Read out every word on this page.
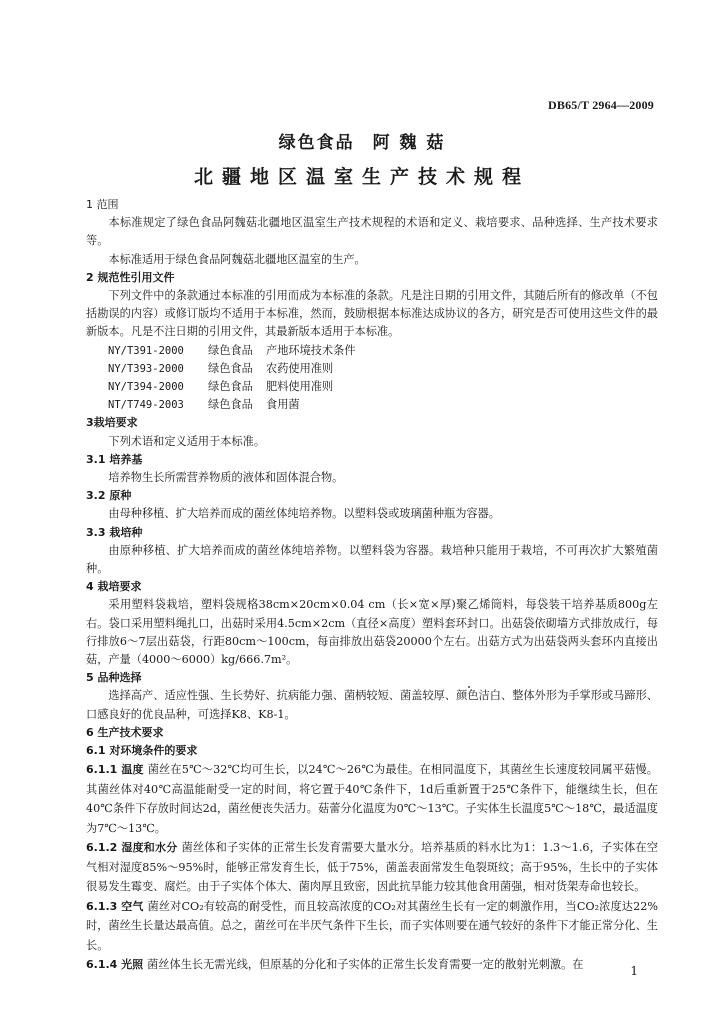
DB65/T 2964—2009
绿色食品 阿 魏 菇
北疆地区温室生产技术规程
1 范围
本标准规定了绿色食品阿魏菇北疆地区温室生产技术规程的术语和定义、栽培要求、品种选择、生产技术要求等。
本标准适用于绿色食品阿魏菇北疆地区温室的生产。
2 规范性引用文件
下列文件中的条款通过本标准的引用而成为本标准的条款。凡是注日期的引用文件，其随后所有的修改单（不包括勘误的内容）或修订版均不适用于本标准，然而，鼓励根据本标准达成协议的各方，研究是否可使用这些文件的最新版本。凡是不注日期的引用文件，其最新版本适用于本标准。
NY/T391-2000	绿色食品	产地环境技术条件
NY/T393-2000	绿色食品	农药使用准则
NY/T394-2000	绿色食品	肥料使用准则
NT/T749-2003	绿色食品	食用菌
3栽培要求
下列术语和定义适用于本标准。
3.1 培养基
培养物生长所需营养物质的液体和固体混合物。
3.2 原种
由母种移植、扩大培养而成的菌丝体纯培养物。以塑料袋或玻璃菌种瓶为容器。
3.3 栽培种
由原种移植、扩大培养而成的菌丝体纯培养物。以塑料袋为容器。栽培种只能用于栽培，不可再次扩大繁殖菌种。
4 栽培要求
采用塑料袋栽培，塑料袋规格38cm×20cm×0.04 cm（长×宽×厚)聚乙烯筒料，每袋装干培养基质800g左右。袋口采用塑料绳扎口，出菇时采用4.5cm×2cm（直径×高度）塑料套环封口。出菇袋依砌墙方式排放成行，每行排放6～7层出菇袋，行距80cm～100cm，每亩排放出菇袋20000个左右。出菇方式为出菇袋两头套环内直接出菇，产量（4000～6000）kg/666.7m²。
5 品种选择
选择高产、适应性强、生长势好、抗病能力强、菌柄较短、菌盖较厚、颜色洁白、整体外形为手掌形或马蹄形、口感良好的优良品种，可选择K8、K8-1。
6 生产技术要求
6.1 对环境条件的要求
6.1.1 温度 菌丝在5℃～32℃均可生长，以24℃～26℃为最佳。在相同温度下，其菌丝生长速度较同属平菇慢。其菌丝体对40℃高温能耐受一定的时间，将它置于40℃条件下，1d后重新置于25℃条件下，能继续生长，但在40℃条件下存放时间达2d，菌丝便丧失活力。菇蕾分化温度为0℃～13℃。子实体生长温度5℃～18℃，最适温度为7℃～13℃。
6.1.2 湿度和水分 菌丝体和子实体的正常生长发育需要大量水分。培养基质的料水比为1：1.3～1.6，子实体在空气相对湿度85%～95%时，能够正常发育生长，低于75%，菌盖表面常发生龟裂斑纹；高于95%，生长中的子实体很易发生霉变、腐烂。由于子实体个体大、菌肉厚且致密，因此抗旱能力较其他食用菌强，相对货架寿命也较长。
6.1.3 空气 菌丝对CO₂有较高的耐受性，而且较高浓度的CO₂对其菌丝生长有一定的刺激作用，当CO₂浓度达22%时，菌丝生长量达最高值。总之，菌丝可在半厌气条件下生长，而子实体则要在通气较好的条件下才能正常分化、生长。
6.1.4 光照 菌丝体生长无需光线，但原基的分化和子实体的正常生长发育需要一定的散射光刺激。在	1
